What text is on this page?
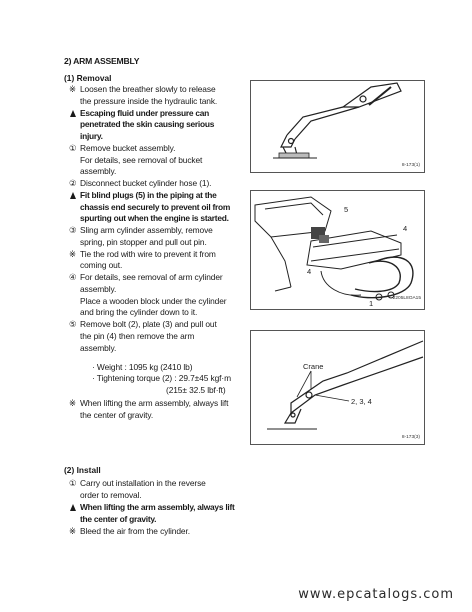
2) ARM ASSEMBLY
(1) Removal
※ Loosen the breather slowly to release
the pressure inside the hydraulic tank.
Escaping fluid under pressure can
penetrated the skin causing serious
injury.
① Remove bucket assembly.
For details, see removal of bucket
assembly.
② Disconnect bucket cylinder hose (1).
Fit blind plugs (5) in the piping at the
chassis end securely to prevent oil from
spurting out when the engine is started.
③ Sling arm cylinder assembly, remove
spring, pin stopper and pull out pin.
※ Tie the rod with wire to prevent it from
coming out.
④ For details, see removal of arm cylinder
assembly.
Place a wooden block under the cylinder
and bring the cylinder down to it.
⑤ Remove bolt (2), plate (3) and pull out
the pin (4) then remove the arm
assembly.
· Weight : 1095 kg (2410 lb)
· Tightening torque (2) : 29.7±45 kgf·m
(215± 32.5 lbf·ft)
※ When lifting the arm assembly, always lift
the center of gravity.
(2) Install
① Carry out installation in the reverse
order to removal.
When lifting the arm assembly, always lift
the center of gravity.
※ Bleed the air from the cylinder.
8-173(1)
5
4
4
1
2205L8OA15
Crane
2, 3, 4
8-173(3)
www.epcatalogs.com
